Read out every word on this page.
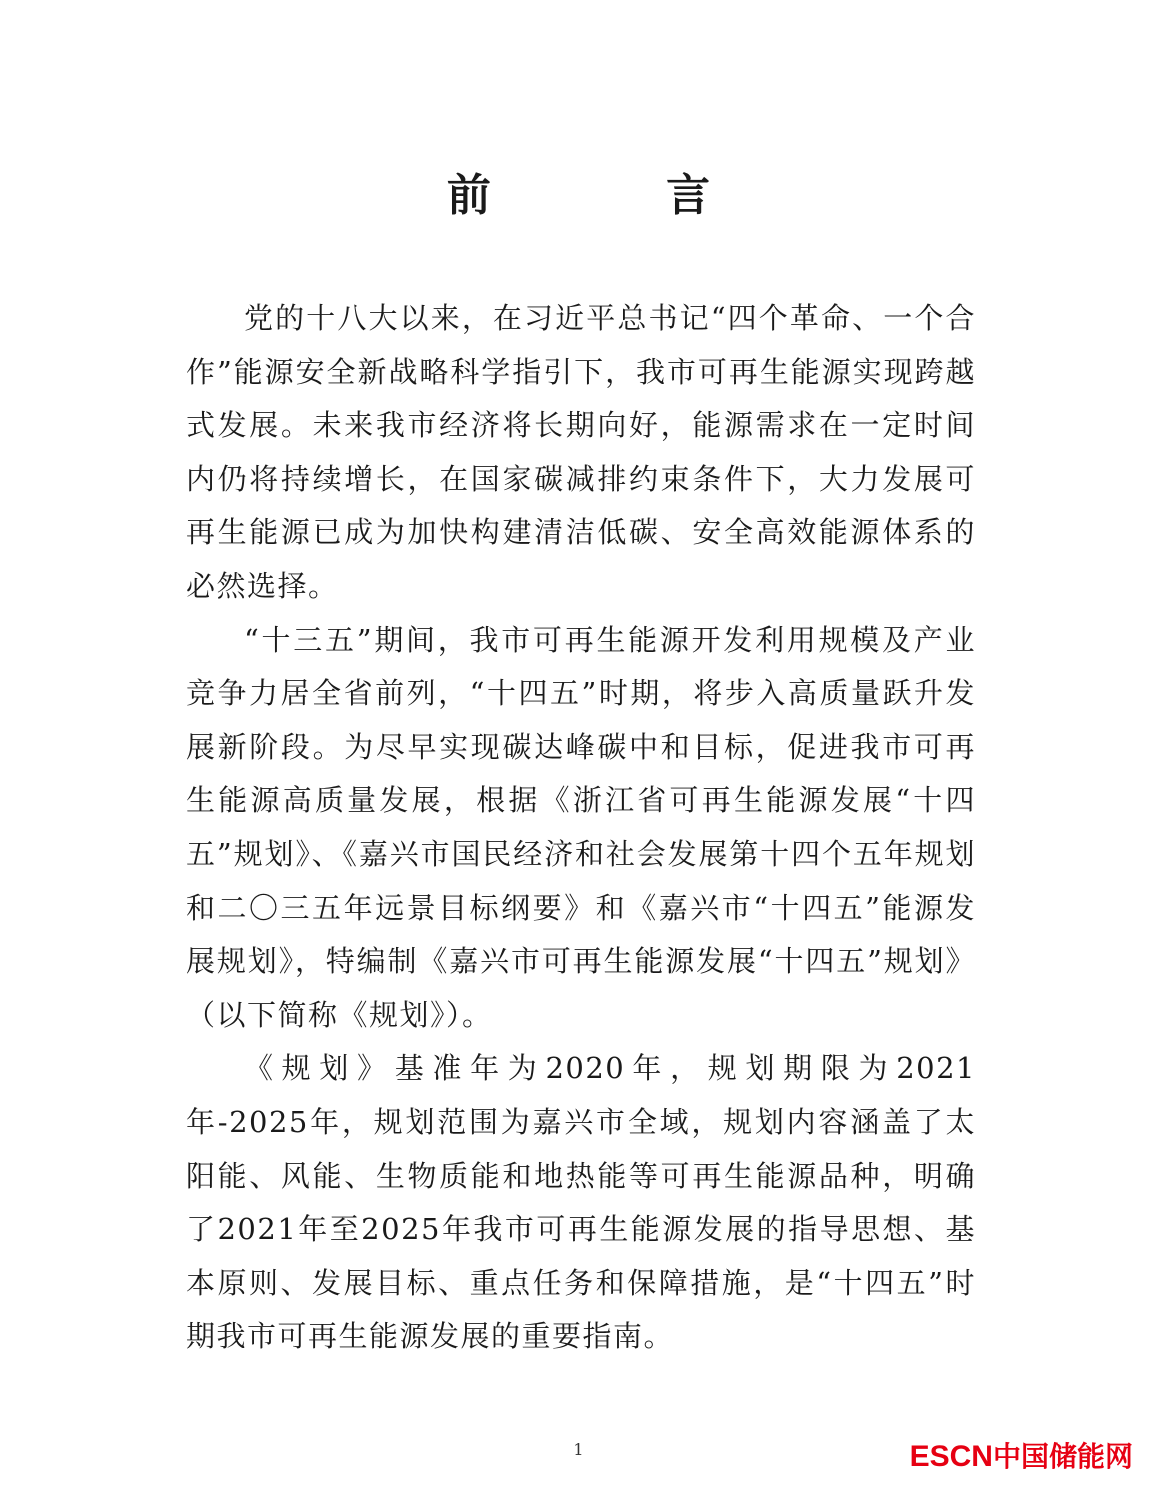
前 言

党的十八大以来，在习近平总书记“四个革命、一个合作”能源安全新战略科学指引下，我市可再生能源实现跨越式发展。未来我市经济将长期向好，能源需求在一定时间内仍将持续增长，在国家碳减排约束条件下，大力发展可再生能源已成为加快构建清洁低碳、安全高效能源体系的必然选择。

“十三五”期间，我市可再生能源开发利用规模及产业竞争力居全省前列，“十四五”时期，将步入高质量跃升发展新阶段。为尽早实现碳达峰碳中和目标，促进我市可再生能源高质量发展，根据《浙江省可再生能源发展“十四五”规划》、《嘉兴市国民经济和社会发展第十四个五年规划和二〇三五年远景目标纲要》和《嘉兴市“十四五”能源发展规划》，特编制《嘉兴市可再生能源发展“十四五”规划》（以下简称《规划》）。

《规划》基准年为2020年，规划期限为2021年-2025年，规划范围为嘉兴市全域，规划内容涵盖了太阳能、风能、生物质能和地热能等可再生能源品种，明确了2021年至2025年我市可再生能源发展的指导思想、基本原则、发展目标、重点任务和保障措施，是“十四五”时期我市可再生能源发展的重要指南。

1	ESCN中国储能网
